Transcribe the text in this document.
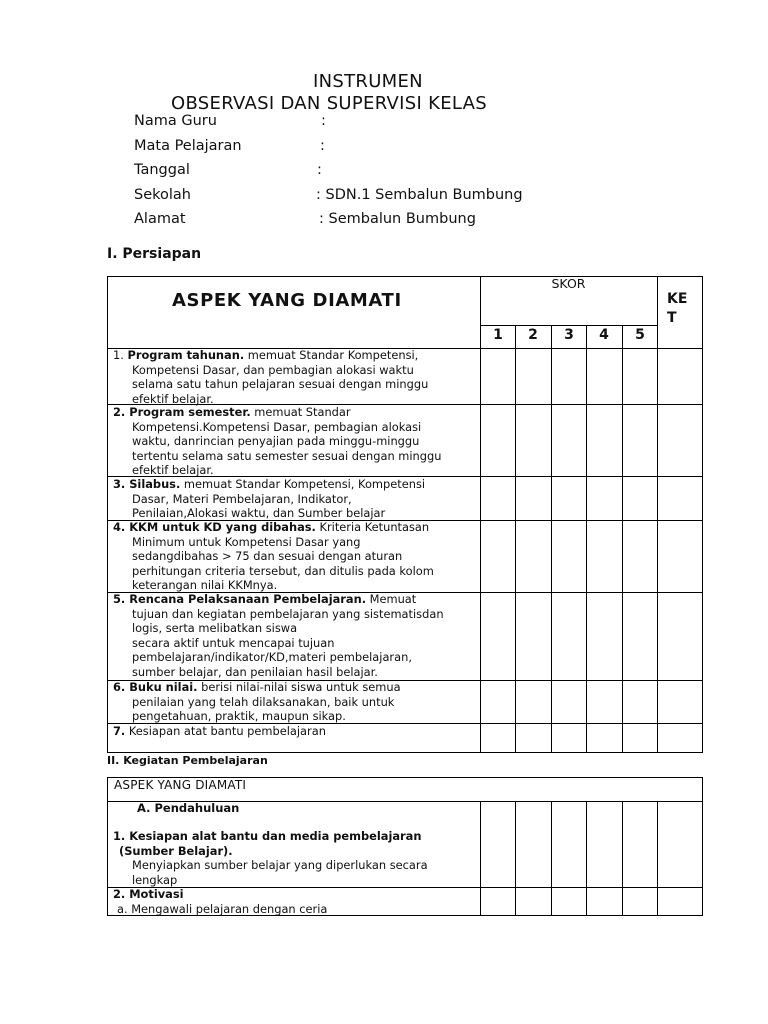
INSTRUMEN
OBSERVASI DAN SUPERVISI KELAS
Nama Guru	:
Mata Pelajaran	:
Tanggal	:
Sekolah	: SDN.1 Sembalun Bumbung
Alamat	: Sembalun Bumbung
I. Persiapan
ASPEK YANG DIAMATI
SKOR
KE
T
1	2	3	4	5
1. Program tahunan. memuat Standar Kompetensi,
Kompetensi Dasar, dan pembagian alokasi waktu
selama satu tahun pelajaran sesuai dengan minggu
efektif belajar.
2. Program semester. memuat Standar
Kompetensi.Kompetensi Dasar, pembagian alokasi
waktu, danrincian penyajian pada minggu-minggu
tertentu selama satu semester sesuai dengan minggu
efektif belajar.
3. Silabus. memuat Standar Kompetensi, Kompetensi
Dasar, Materi Pembelajaran, Indikator,
Penilaian,Alokasi waktu, dan Sumber belajar
4. KKM untuk KD yang dibahas. Kriteria Ketuntasan
Minimum untuk Kompetensi Dasar yang
sedangdibahas > 75 dan sesuai dengan aturan
perhitungan criteria tersebut, dan ditulis pada kolom
keterangan nilai KKMnya.
5. Rencana Pelaksanaan Pembelajaran. Memuat
tujuan dan kegiatan pembelajaran yang sistematisdan
logis, serta melibatkan siswa
secara aktif untuk mencapai tujuan
pembelajaran/indikator/KD,materi pembelajaran,
sumber belajar, dan penilaian hasil belajar.
6. Buku nilai. berisi nilai-nilai siswa untuk semua
penilaian yang telah dilaksanakan, baik untuk
pengetahuan, praktik, maupun sikap.
7. Kesiapan atat bantu pembelajaran
II. Kegiatan Pembelajaran
ASPEK YANG DIAMATI
A. Pendahuluan
1. Kesiapan alat bantu dan media pembelajaran
(Sumber Belajar).
Menyiapkan sumber belajar yang diperlukan secara
lengkap
2. Motivasi
a. Mengawali pelajaran dengan ceria
